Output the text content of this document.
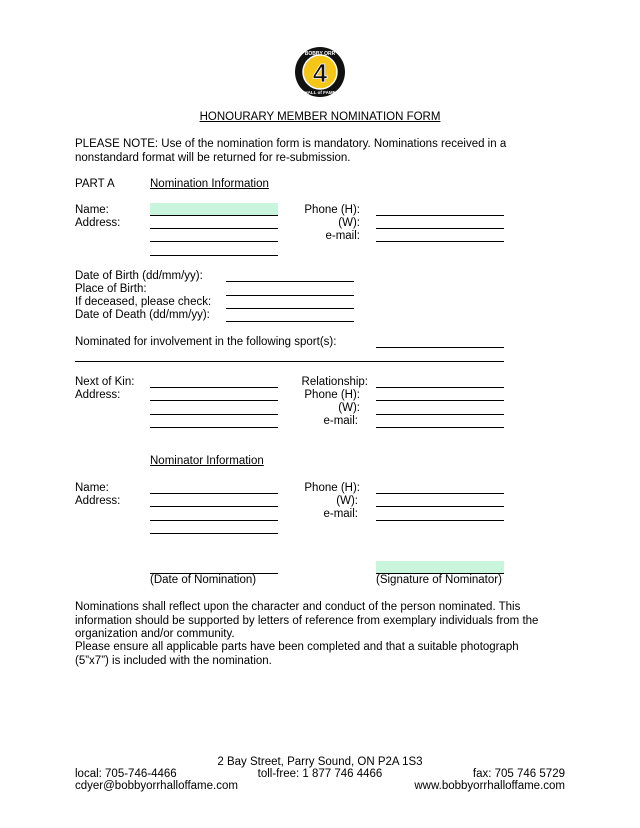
4
BOBBY ORR
HALL of FAME
HONOURARY MEMBER NOMINATION FORM
PLEASE NOTE: Use of the nomination form is mandatory. Nominations received in a nonstandard format will be returned for re-submission.
PART A	Nomination Information
Name:
Address:
Phone (H):
(W):
e-mail:
Date of Birth (dd/mm/yy):
Place of Birth:
If deceased, please check:
Date of Death (dd/mm/yy):
Nominated for involvement in the following sport(s):
Next of Kin:
Address:
Relationship:
Phone (H):
(W):
e-mail:
Nominator Information
Name:
Address:
Phone (H):
(W):
e-mail:
(Date of Nomination)	(Signature of Nominator)
Nominations shall reflect upon the character and conduct of the person nominated. This information should be supported by letters of reference from exemplary individuals from the organization and/or community.
Please ensure all applicable parts have been completed and that a suitable photograph (5”x7”) is included with the nomination.
2 Bay Street, Parry Sound, ON P2A 1S3
local: 705-746-4466	toll-free: 1 877 746 4466	fax: 705 746 5729
cdyer@bobbyorrhalloffame.com	www.bobbyorrhalloffame.com
